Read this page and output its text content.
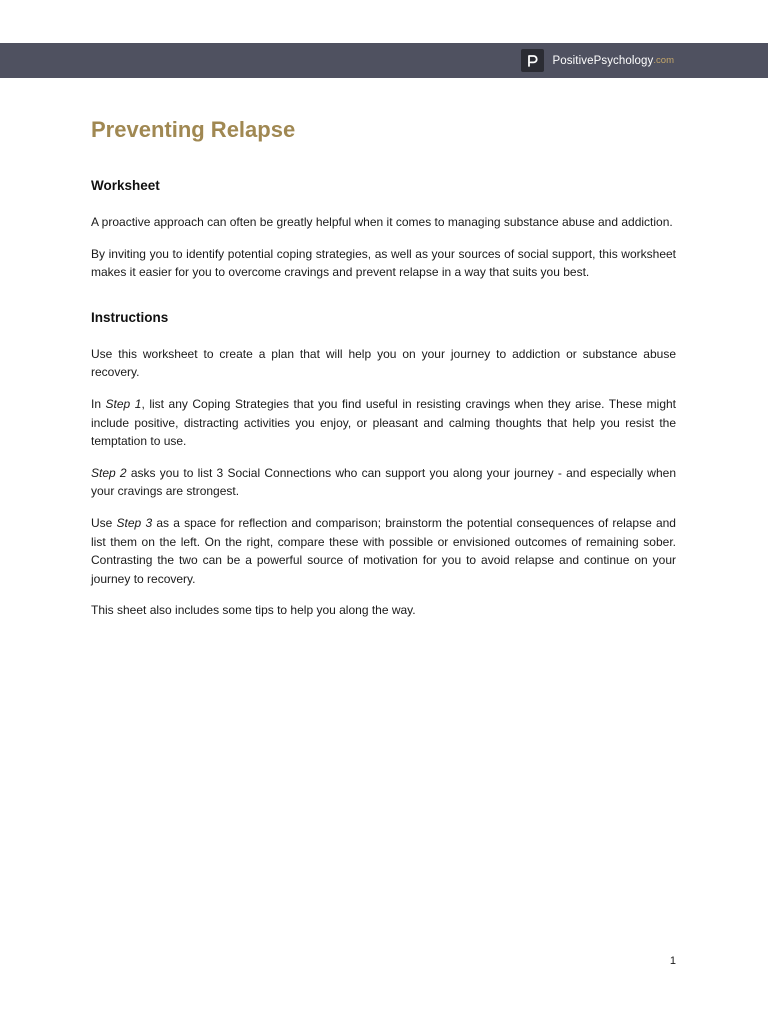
PositivePsychology .com
Preventing Relapse
Worksheet

A proactive approach can often be greatly helpful when it comes to managing substance abuse and addiction.

By inviting you to identify potential coping strategies, as well as your sources of social support, this worksheet makes it easier for you to overcome cravings and prevent relapse in a way that suits you best.

Instructions

Use this worksheet to create a plan that will help you on your journey to addiction or substance abuse recovery.

In Step 1, list any Coping Strategies that you find useful in resisting cravings when they arise. These might include positive, distracting activities you enjoy, or pleasant and calming thoughts that help you resist the temptation to use.

Step 2 asks you to list 3 Social Connections who can support you along your journey - and especially when your cravings are strongest.

Use Step 3 as a space for reflection and comparison; brainstorm the potential consequences of relapse and list them on the left. On the right, compare these with possible or envisioned outcomes of remaining sober. Contrasting the two can be a powerful source of motivation for you to avoid relapse and continue on your journey to recovery.

This sheet also includes some tips to help you along the way.

1
